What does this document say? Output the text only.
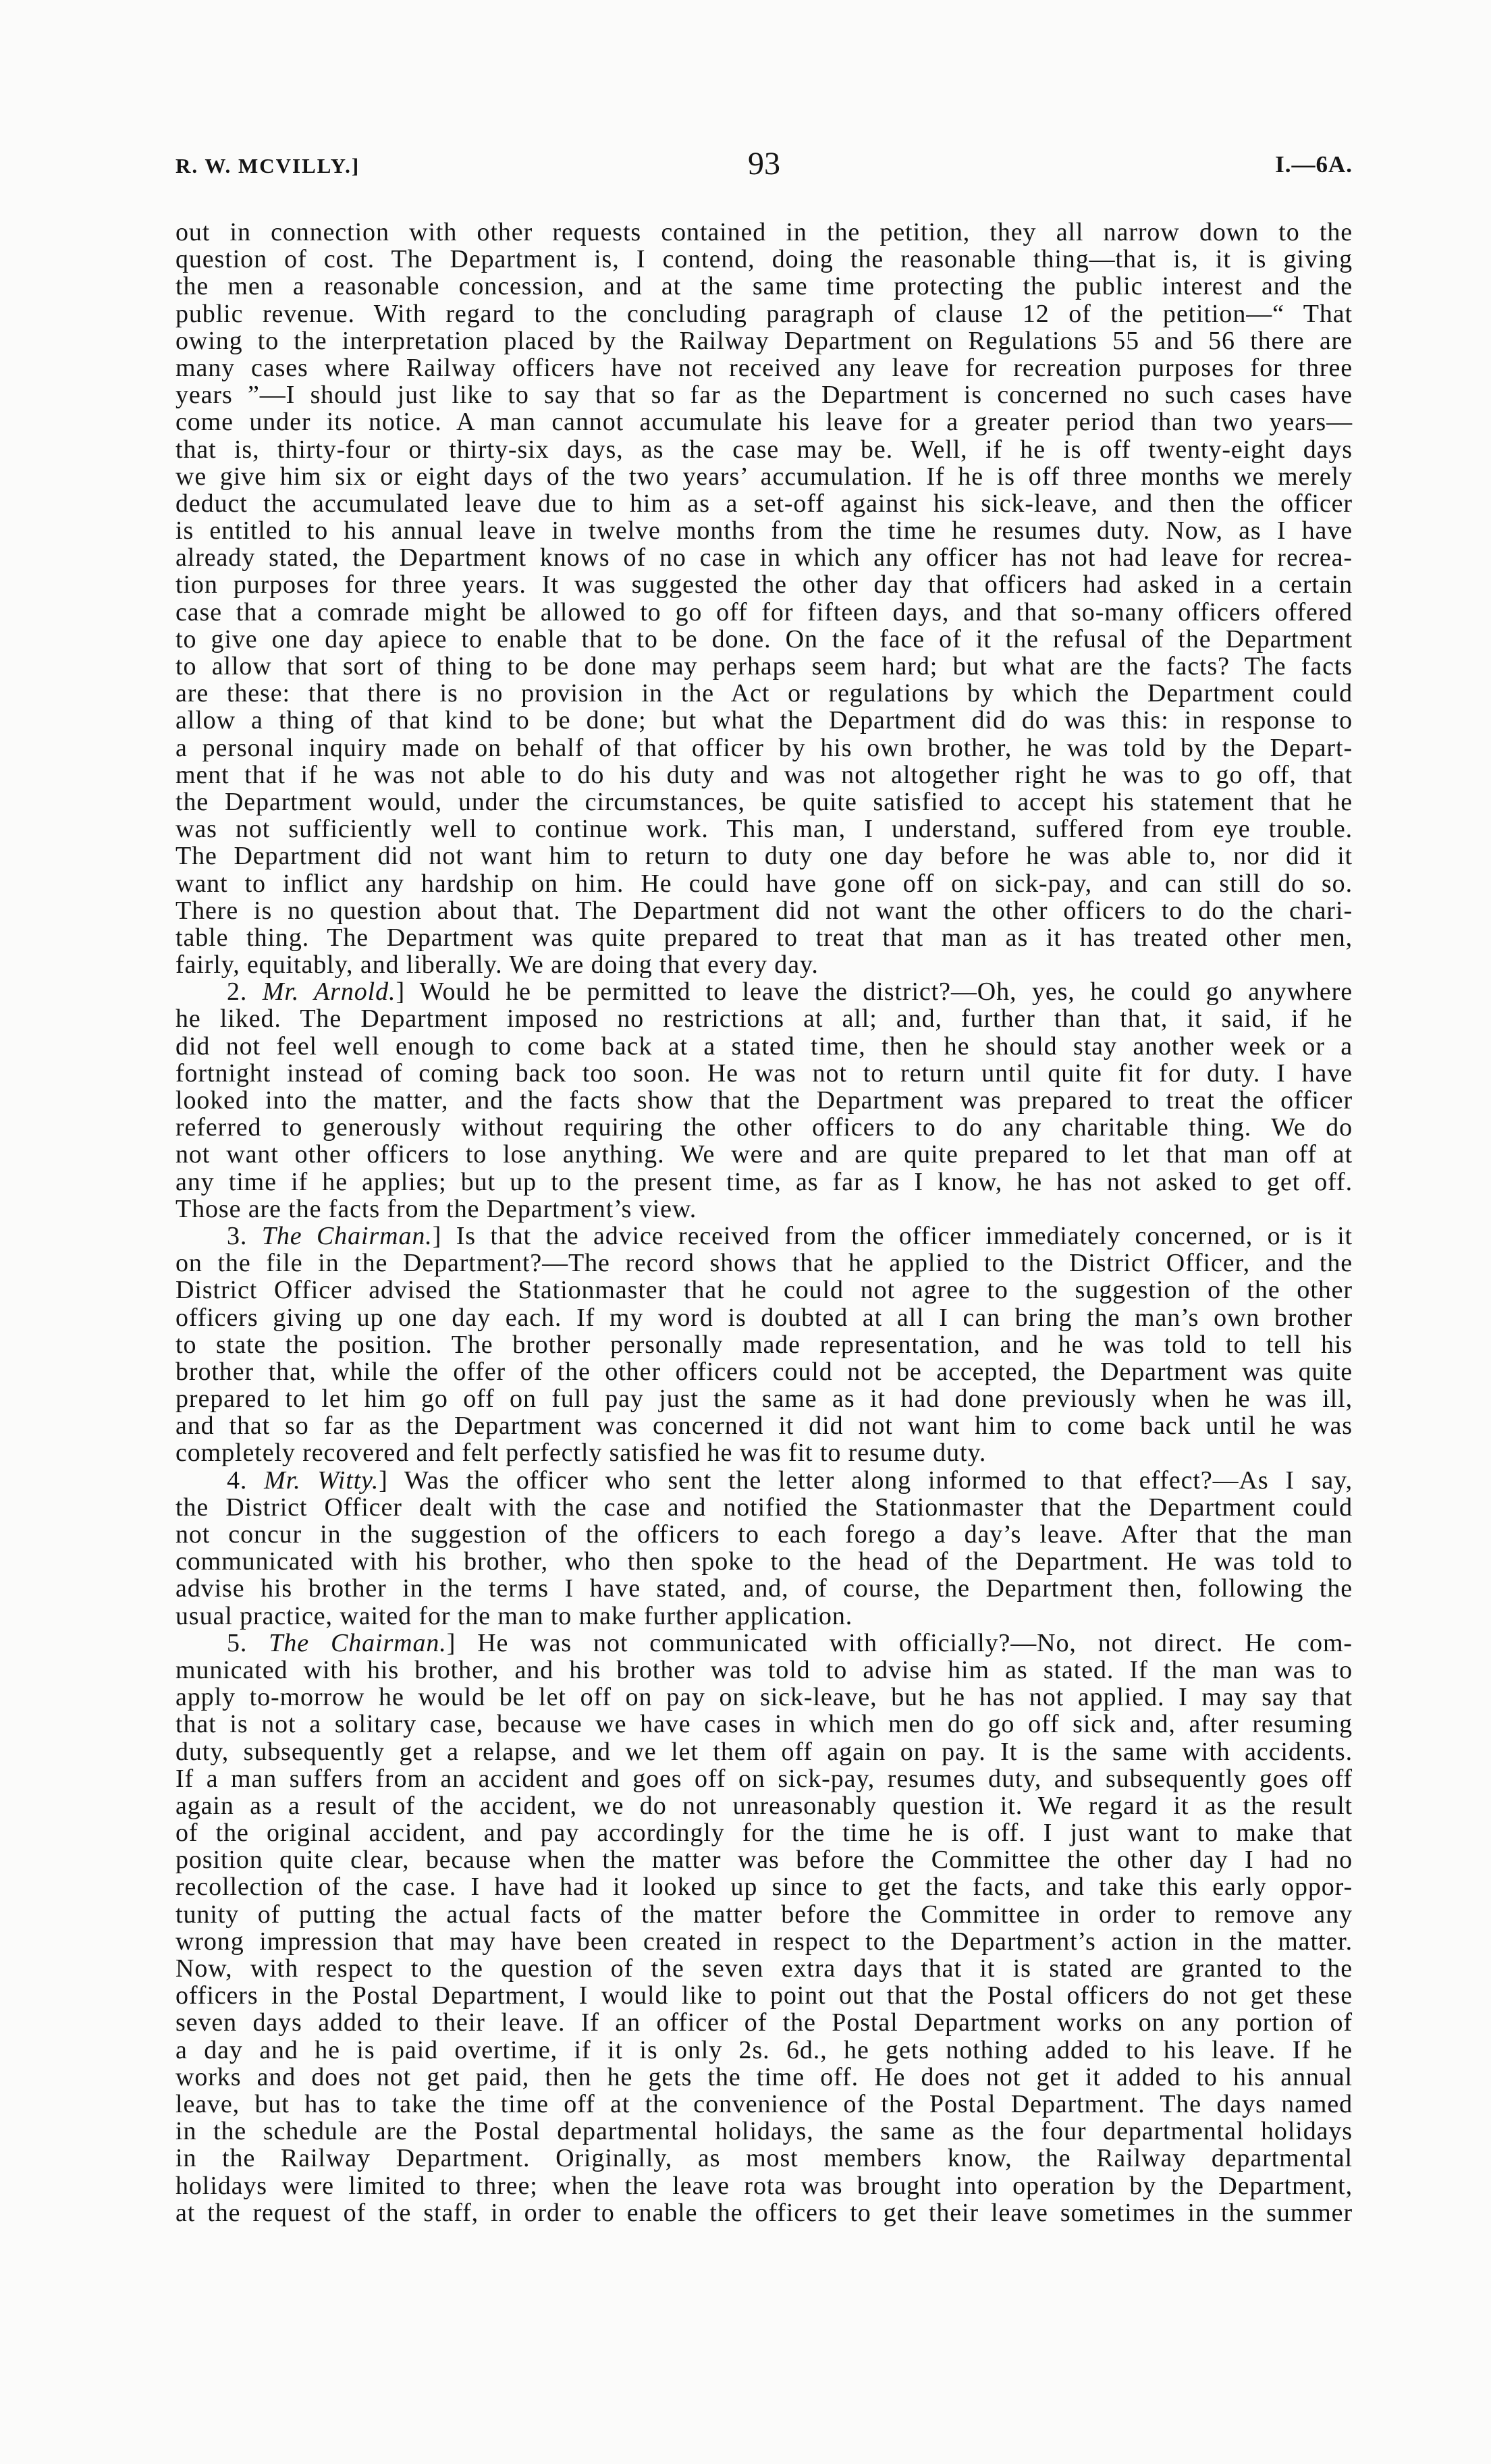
R. W. MCVILLY.]	93	I.—6A.
out in connection with other requests contained in the petition, they all narrow down to the
question of cost. The Department is, I contend, doing the reasonable thing—that is, it is giving
the men a reasonable concession, and at the same time protecting the public interest and the
public revenue. With regard to the concluding paragraph of clause 12 of the petition—“ That
owing to the interpretation placed by the Railway Department on Regulations 55 and 56 there are
many cases where Railway officers have not received any leave for recreation purposes for three
years ”—I should just like to say that so far as the Department is concerned no such cases have
come under its notice. A man cannot accumulate his leave for a greater period than two years—
that is, thirty-four or thirty-six days, as the case may be. Well, if he is off twenty-eight days
we give him six or eight days of the two years’ accumulation. If he is off three months we merely
deduct the accumulated leave due to him as a set-off against his sick-leave, and then the officer
is entitled to his annual leave in twelve months from the time he resumes duty. Now, as I have
already stated, the Department knows of no case in which any officer has not had leave for recrea-
tion purposes for three years. It was suggested the other day that officers had asked in a certain
case that a comrade might be allowed to go off for fifteen days, and that so-many officers offered
to give one day apiece to enable that to be done. On the face of it the refusal of the Department
to allow that sort of thing to be done may perhaps seem hard; but what are the facts? The facts
are these: that there is no provision in the Act or regulations by which the Department could
allow a thing of that kind to be done; but what the Department did do was this: in response to
a personal inquiry made on behalf of that officer by his own brother, he was told by the Depart-
ment that if he was not able to do his duty and was not altogether right he was to go off, that
the Department would, under the circumstances, be quite satisfied to accept his statement that he
was not sufficiently well to continue work. This man, I understand, suffered from eye trouble.
The Department did not want him to return to duty one day before he was able to, nor did it
want to inflict any hardship on him. He could have gone off on sick-pay, and can still do so.
There is no question about that. The Department did not want the other officers to do the chari-
table thing. The Department was quite prepared to treat that man as it has treated other men,
fairly, equitably, and liberally. We are doing that every day.
2. Mr. Arnold.] Would he be permitted to leave the district?—Oh, yes, he could go anywhere
he liked. The Department imposed no restrictions at all; and, further than that, it said, if he
did not feel well enough to come back at a stated time, then he should stay another week or a
fortnight instead of coming back too soon. He was not to return until quite fit for duty. I have
looked into the matter, and the facts show that the Department was prepared to treat the officer
referred to generously without requiring the other officers to do any charitable thing. We do
not want other officers to lose anything. We were and are quite prepared to let that man off at
any time if he applies; but up to the present time, as far as I know, he has not asked to get off.
Those are the facts from the Department’s view.
3. The Chairman.] Is that the advice received from the officer immediately concerned, or is it
on the file in the Department?—The record shows that he applied to the District Officer, and the
District Officer advised the Stationmaster that he could not agree to the suggestion of the other
officers giving up one day each. If my word is doubted at all I can bring the man’s own brother
to state the position. The brother personally made representation, and he was told to tell his
brother that, while the offer of the other officers could not be accepted, the Department was quite
prepared to let him go off on full pay just the same as it had done previously when he was ill,
and that so far as the Department was concerned it did not want him to come back until he was
completely recovered and felt perfectly satisfied he was fit to resume duty.
4. Mr. Witty.] Was the officer who sent the letter along informed to that effect?—As I say,
the District Officer dealt with the case and notified the Stationmaster that the Department could
not concur in the suggestion of the officers to each forego a day’s leave. After that the man
communicated with his brother, who then spoke to the head of the Department. He was told to
advise his brother in the terms I have stated, and, of course, the Department then, following the
usual practice, waited for the man to make further application.
5. The Chairman.] He was not communicated with officially?—No, not direct. He com-
municated with his brother, and his brother was told to advise him as stated. If the man was to
apply to-morrow he would be let off on pay on sick-leave, but he has not applied. I may say that
that is not a solitary case, because we have cases in which men do go off sick and, after resuming
duty, subsequently get a relapse, and we let them off again on pay. It is the same with accidents.
If a man suffers from an accident and goes off on sick-pay, resumes duty, and subsequently goes off
again as a result of the accident, we do not unreasonably question it. We regard it as the result
of the original accident, and pay accordingly for the time he is off. I just want to make that
position quite clear, because when the matter was before the Committee the other day I had no
recollection of the case. I have had it looked up since to get the facts, and take this early oppor-
tunity of putting the actual facts of the matter before the Committee in order to remove any
wrong impression that may have been created in respect to the Department’s action in the matter.
Now, with respect to the question of the seven extra days that it is stated are granted to the
officers in the Postal Department, I would like to point out that the Postal officers do not get these
seven days added to their leave. If an officer of the Postal Department works on any portion of
a day and he is paid overtime, if it is only 2s. 6d., he gets nothing added to his leave. If he
works and does not get paid, then he gets the time off. He does not get it added to his annual
leave, but has to take the time off at the convenience of the Postal Department. The days named
in the schedule are the Postal departmental holidays, the same as the four departmental holidays
in the Railway Department. Originally, as most members know, the Railway departmental
holidays were limited to three; when the leave rota was brought into operation by the Department,
at the request of the staff, in order to enable the officers to get their leave sometimes in the summer
